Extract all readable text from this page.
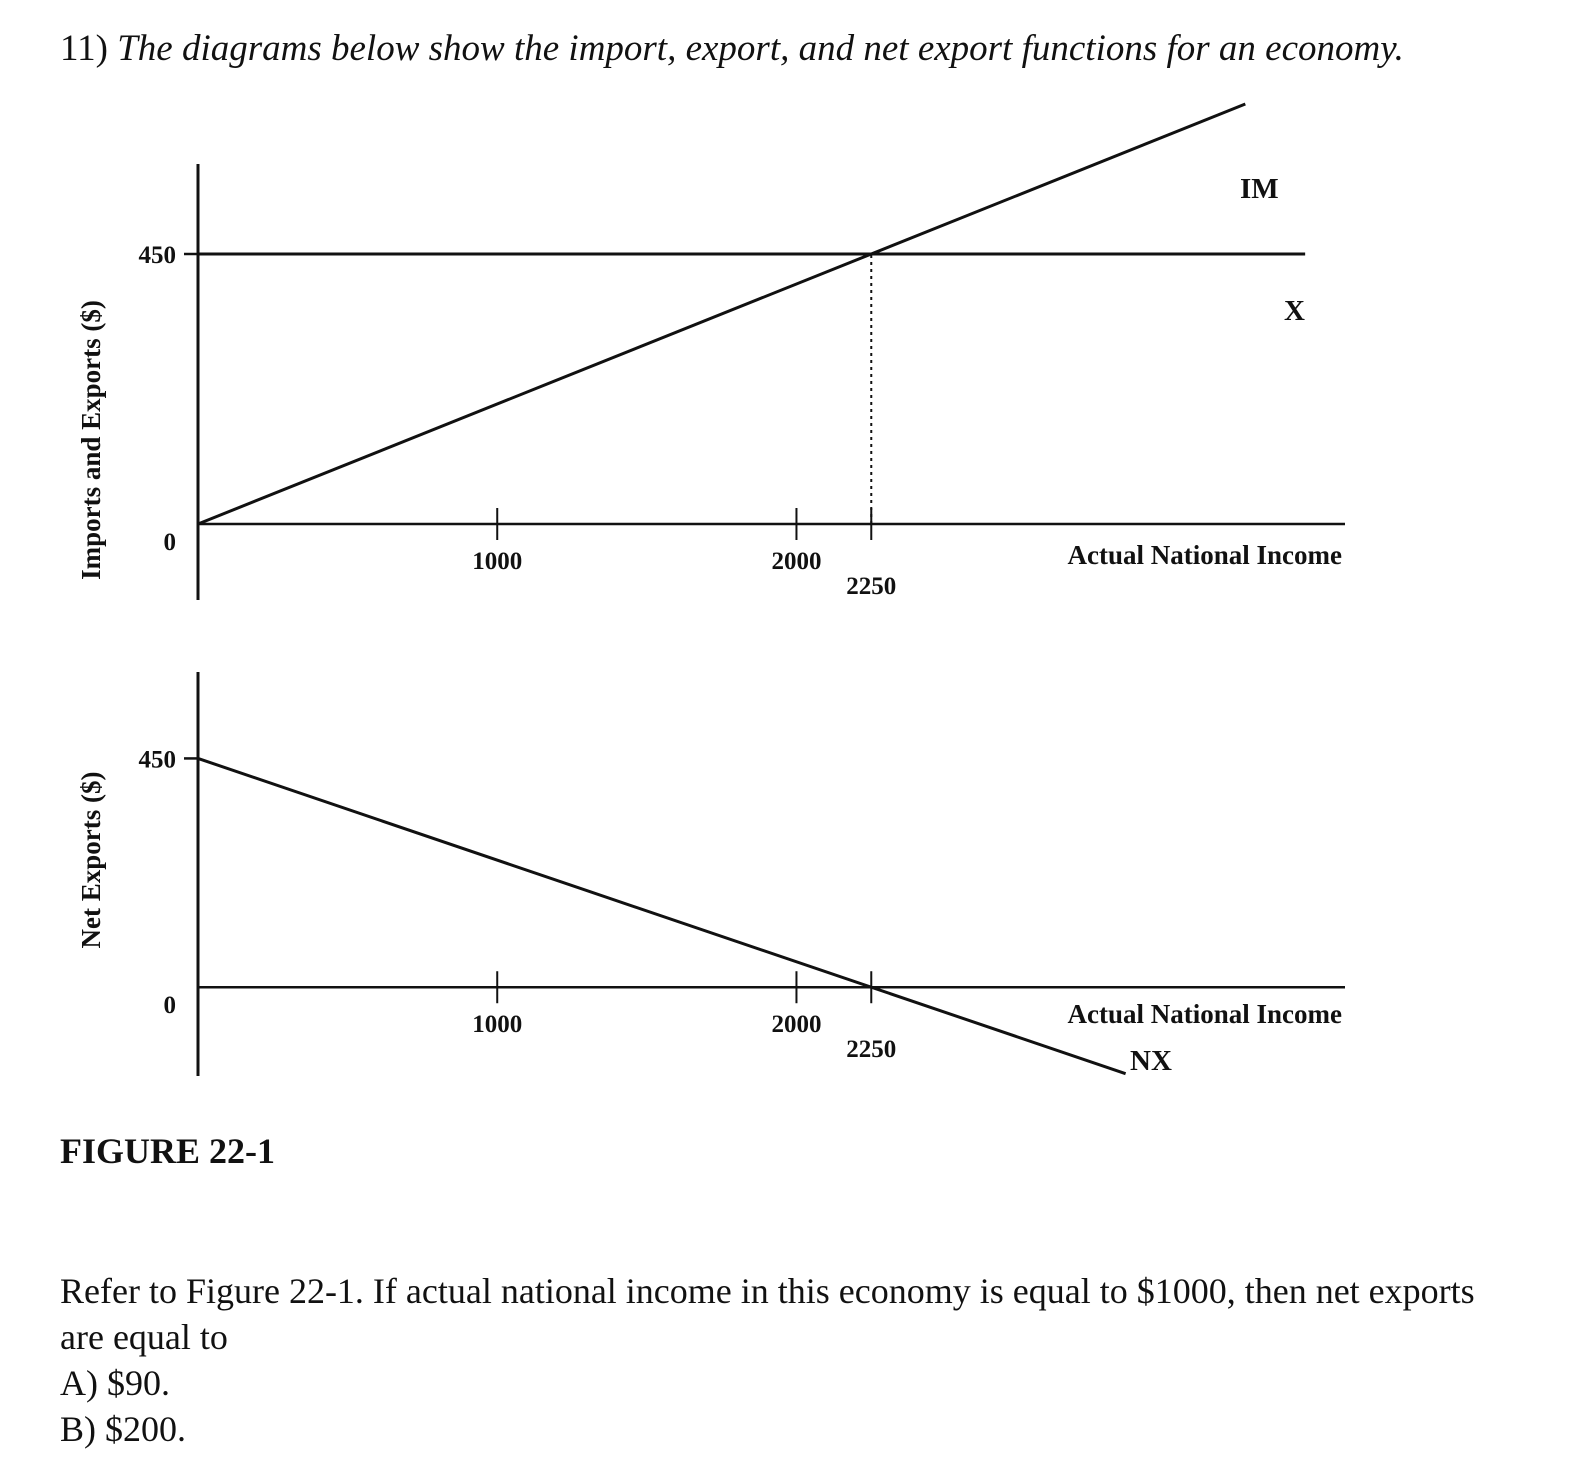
11) The diagrams below show the import, export, and net export functions for an economy.
0
450
1000	2000
2250
Actual National Income
Imports and Exports ($)
IM
X
0
450
1000	2000
2250
Actual National Income
Net Exports ($)
NX

FIGURE 22-1

Refer to Figure 22-1. If actual national income in this economy is equal to $1000, then net exports are equal to

A) $90.
B) $200.
